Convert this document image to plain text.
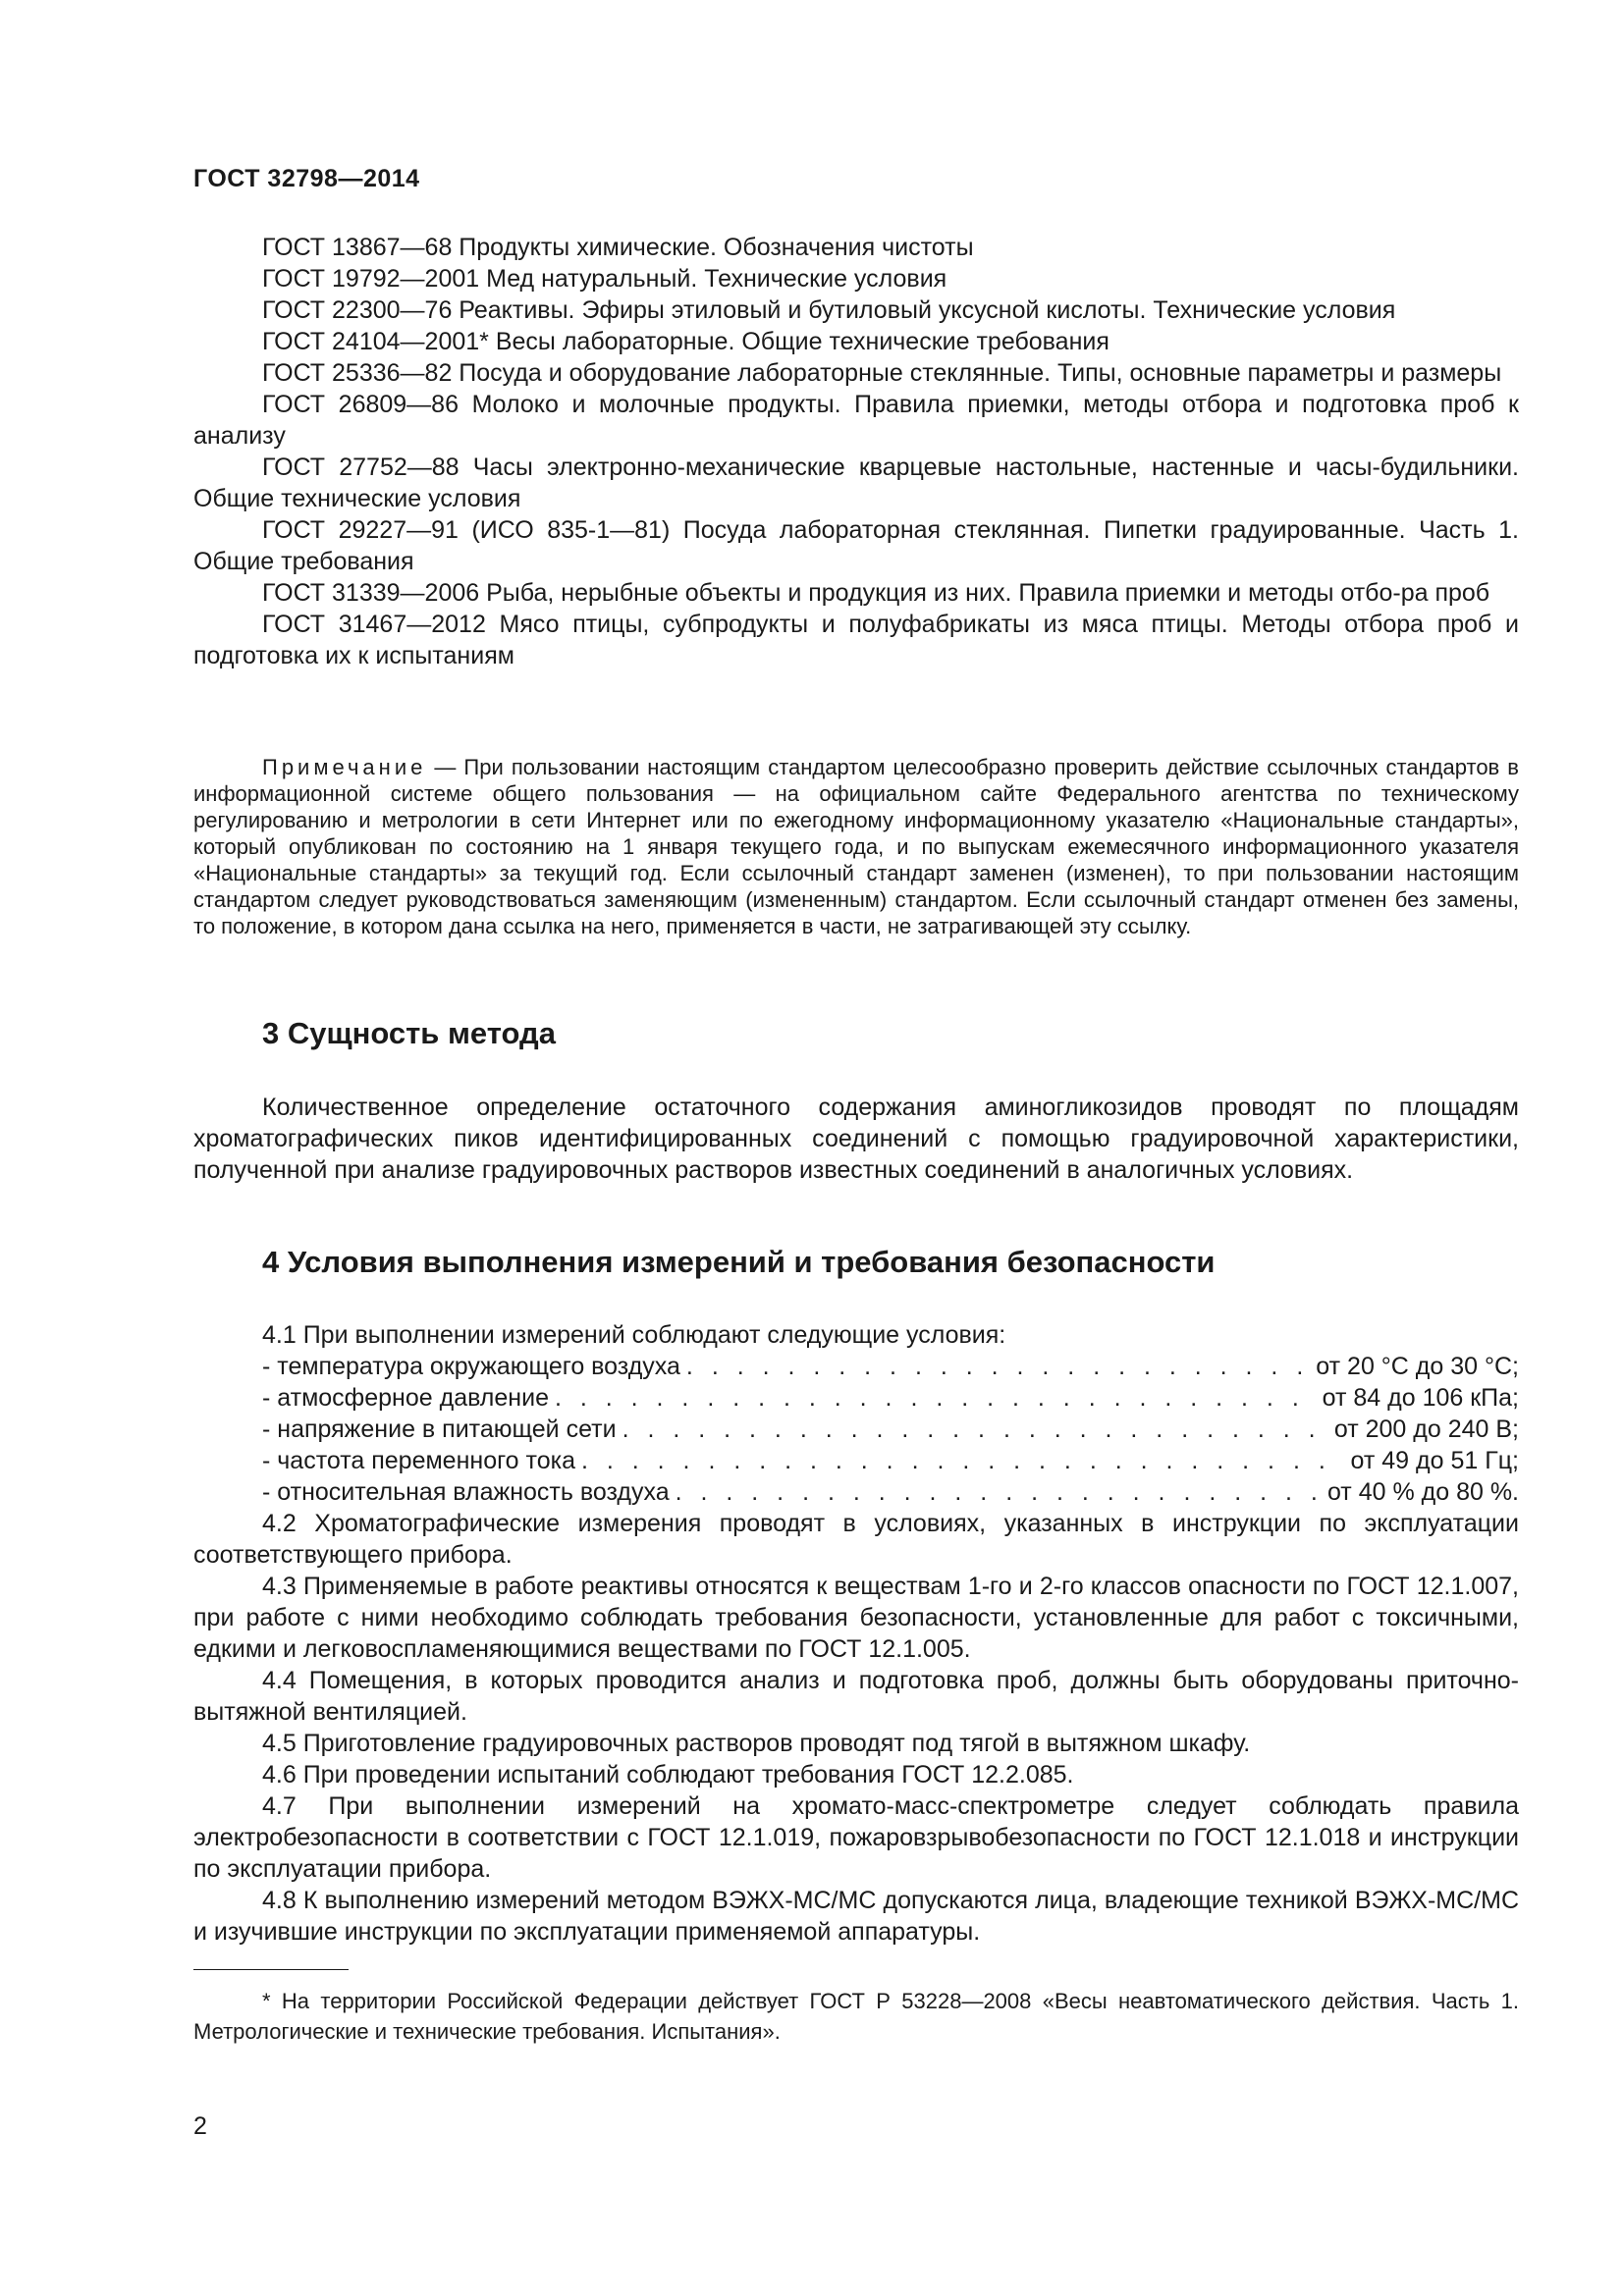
ГОСТ 32798—2014

ГОСТ 13867—68 Продукты химические. Обозначения чистоты

ГОСТ 19792—2001 Мед натуральный. Технические условия

ГОСТ 22300—76 Реактивы. Эфиры этиловый и бутиловый уксусной кислоты. Технические условия

ГОСТ 24104—2001* Весы лабораторные. Общие технические требования

ГОСТ 25336—82 Посуда и оборудование лабораторные стеклянные. Типы, основные параметры и размеры

ГОСТ 26809—86 Молоко и молочные продукты. Правила приемки, методы отбора и подготовка проб к анализу

ГОСТ 27752—88 Часы электронно-механические кварцевые настольные, настенные и часы-будильники. Общие технические условия

ГОСТ 29227—91 (ИСО 835-1—81) Посуда лабораторная стеклянная. Пипетки градуированные. Часть 1. Общие требования

ГОСТ 31339—2006 Рыба, нерыбные объекты и продукция из них. Правила приемки и методы отбо-ра проб

ГОСТ 31467—2012 Мясо птицы, субпродукты и полуфабрикаты из мяса птицы. Методы отбора проб и подготовка их к испытаниям

Примечание — При пользовании настоящим стандартом целесообразно проверить действие ссылочных стандартов в информационной системе общего пользования — на официальном сайте Федерального агентства по техническому регулированию и метрологии в сети Интернет или по ежегодному информационному указателю «Национальные стандарты», который опубликован по состоянию на 1 января текущего года, и по выпускам ежемесячного информационного указателя «Национальные стандарты» за текущий год. Если ссылочный стандарт заменен (изменен), то при пользовании настоящим стандартом следует руководствоваться заменяющим (измененным) стандартом. Если ссылочный стандарт отменен без замены, то положение, в котором дана ссылка на него, применяется в части, не затрагивающей эту ссылку.

3 Сущность метода

Количественное определение остаточного содержания аминогликозидов проводят по площадям хроматографических пиков идентифицированных соединений с помощью градуировочной характеристики, полученной при анализе градуировочных растворов известных соединений в аналогичных условиях.

4 Условия выполнения измерений и требования безопасности

4.1 При выполнении измерений соблюдают следующие условия:

- температура окружающего воздуха . . .	от 20 °С до 30 °С;
- атмосферное давление . . .	от 84 до 106 кПа;
- напряжение в питающей сети . . .	от 200 до 240 В;
- частота переменного тока . . .	от 49 до 51 Гц;
- относительная влажность воздуха . . .	от 40 % до 80 %.

4.2 Хроматографические измерения проводят в условиях, указанных в инструкции по эксплуатации соответствующего прибора.

4.3 Применяемые в работе реактивы относятся к веществам 1-го и 2-го классов опасности по ГОСТ 12.1.007, при работе с ними необходимо соблюдать требования безопасности, установленные для работ с токсичными, едкими и легковоспламеняющимися веществами по ГОСТ 12.1.005.

4.4 Помещения, в которых проводится анализ и подготовка проб, должны быть оборудованы приточно-вытяжной вентиляцией.

4.5 Приготовление градуировочных растворов проводят под тягой в вытяжном шкафу.

4.6 При проведении испытаний соблюдают требования ГОСТ 12.2.085.

4.7 При выполнении измерений на хромато-масс-спектрометре следует соблюдать правила электробезопасности в соответствии с ГОСТ 12.1.019, пожаровзрывобезопасности по ГОСТ 12.1.018 и инструкции по эксплуатации прибора.

4.8 К выполнению измерений методом ВЭЖХ-МС/МС допускаются лица, владеющие техникой ВЭЖХ-МС/МС и изучившие инструкции по эксплуатации применяемой аппаратуры.

* На территории Российской Федерации действует ГОСТ Р 53228—2008 «Весы неавтоматического действия. Часть 1. Метрологические и технические требования. Испытания».

2
